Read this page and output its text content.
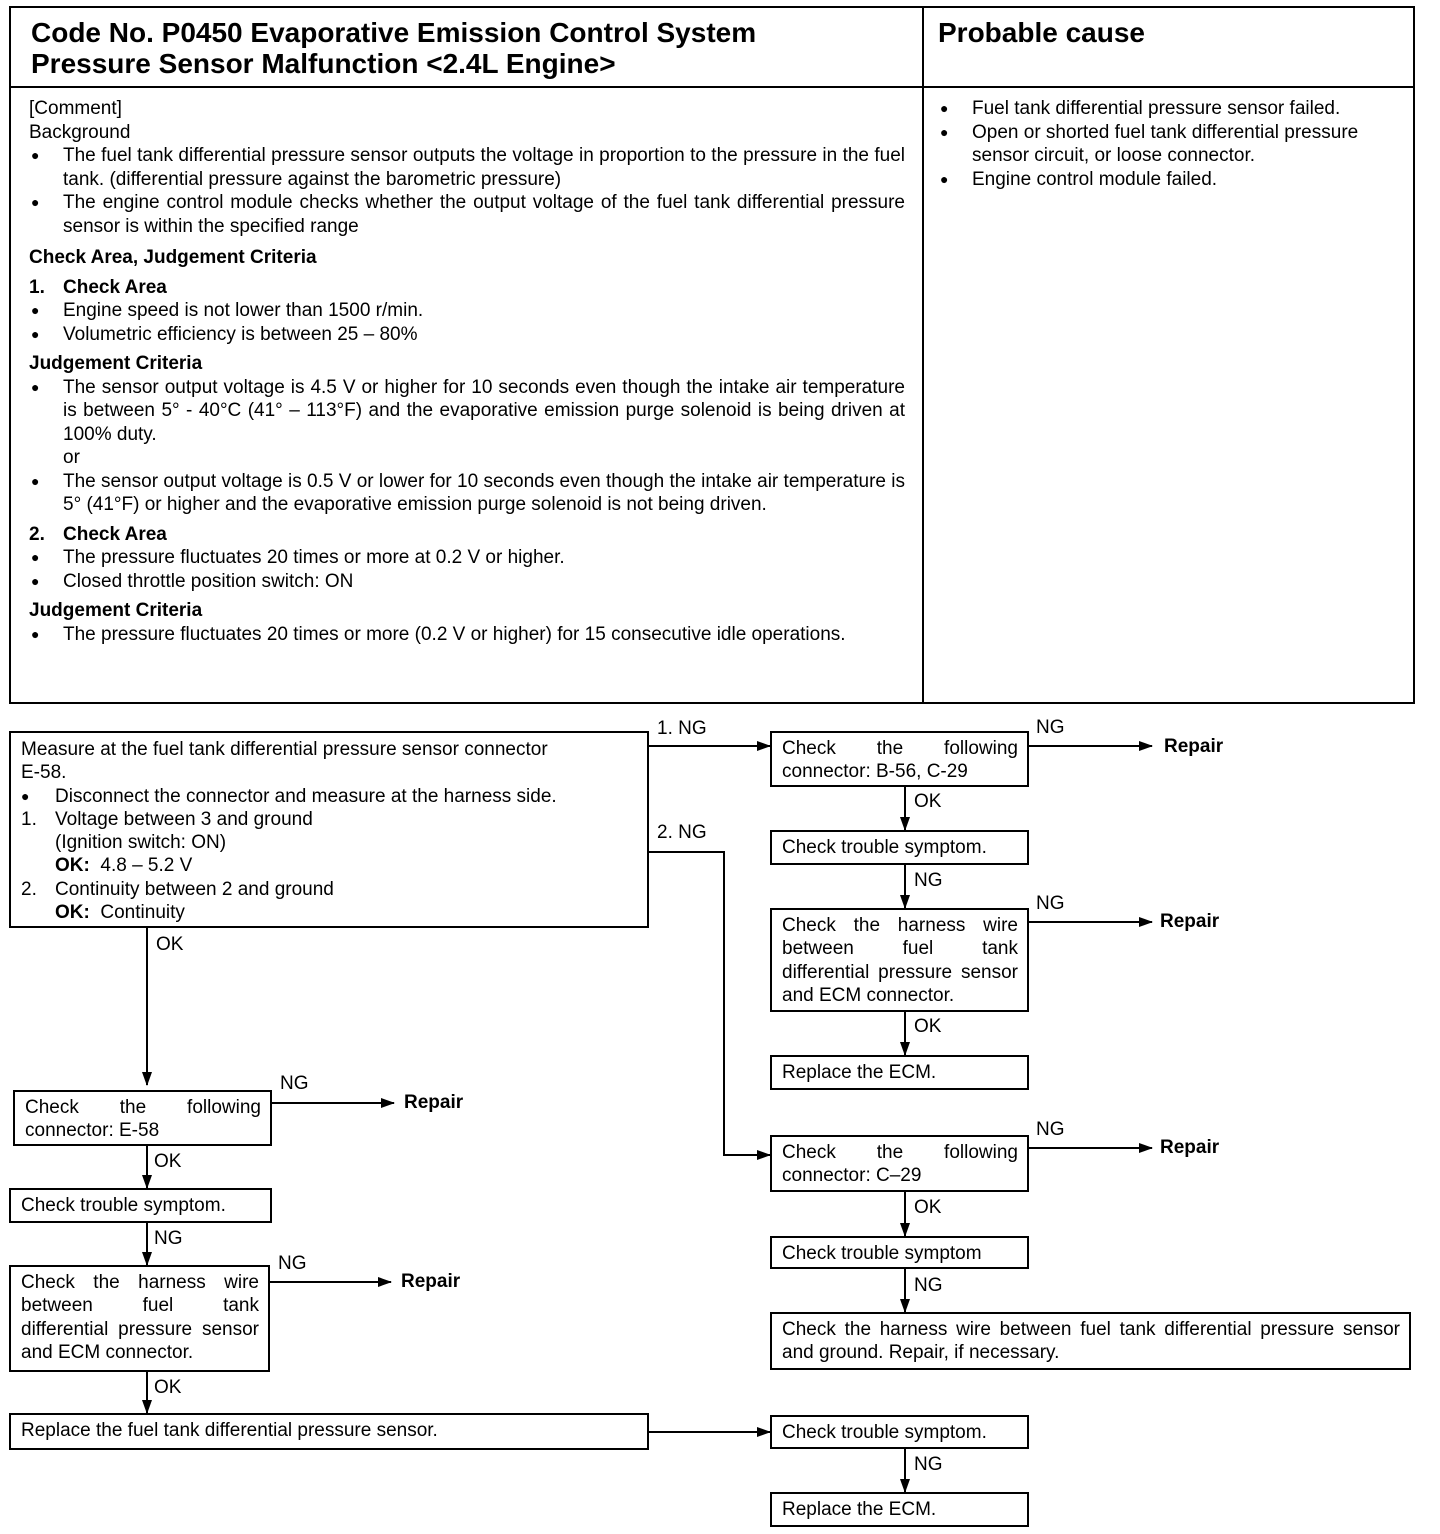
Code No. P0450 Evaporative Emission Control System
Pressure Sensor Malfunction <2.4L Engine>
Probable cause

[Comment]

Background

● The fuel tank differential pressure sensor outputs the voltage in proportion to the pressure in the fuel tank. (differential pressure against the barometric pressure)
● The engine control module checks whether the output voltage of the fuel tank differential pressure sensor is within the specified range

Check Area, Judgement Criteria

1. Check Area
● Engine speed is not lower than 1500 r/min.
● Volumetric efficiency is between 25 – 80%

Judgement Criteria

● The sensor output voltage is 4.5 V or higher for 10 seconds even though the intake air temperature is between 5° - 40°C (41° – 113°F) and the evaporative emission purge solenoid is being driven at 100% duty.

or

● The sensor output voltage is 0.5 V or lower for 10 seconds even though the intake air temperature is 5° (41°F) or higher and the evaporative emission purge solenoid is not being driven.
2. Check Area
● The pressure fluctuates 20 times or more at 0.2 V or higher.
● Closed throttle position switch: ON

Judgement Criteria

● The pressure fluctuates 20 times or more (0.2 V or higher) for 15 consecutive idle operations.
● Fuel tank differential pressure sensor failed.
● Open or shorted fuel tank differential pressure sensor circuit, or loose connector.
● Engine control module failed.
Measure at the fuel tank differential pressure sensor connector E-58.
● Disconnect the connector and measure at the harness side.
1. Voltage between 3 and ground
(Ignition switch: ON)
OK: 4.8 – 5.2 V
2. Continuity between 2 and ground
OK: Continuity
Check the following connector: B-56, C-29
Check trouble symptom.
Check the harness wire between fuel tank differential pressure sensor and ECM connector.
Replace the ECM.
Check the following connector: C–29
Check trouble symptom
Check the harness wire between fuel tank differential pressure sensor and ground. Repair, if necessary.
Check trouble symptom.
Replace the ECM.
Check the following connector: E-58
Check trouble symptom.
Check the harness wire between fuel tank differential pressure sensor and ECM connector.
Replace the fuel tank differential pressure sensor.
1. NG
2. NG
OK
NG
Repair
OK
NG
NG
Repair
OK
NG
Repair
OK
NG
NG
NG
Repair
OK
NG
NG
Repair
OK
